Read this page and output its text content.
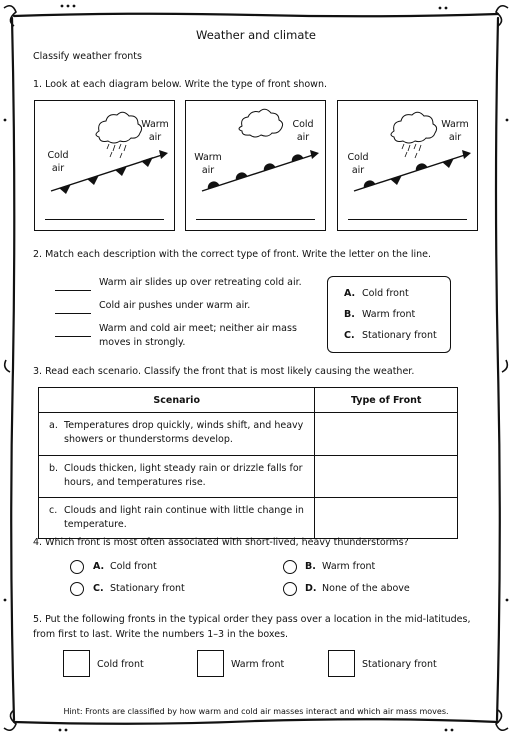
Weather and climate
Classify weather fronts
1. Look at each diagram below. Write the type of front shown.
Cold
air
Warm
air
Warm
air
Cold
air
Cold
air
Warm
air
2. Match each description with the correct type of front. Write the letter on the line.
Warm air slides up over retreating cold air.
Cold air pushes under warm air.
Warm and cold air meet; neither air mass moves in strongly.
A. Cold front
B. Warm front
C. Stationary front
3. Read each scenario. Classify the front that is most likely causing the weather.
Scenario	Type of Front

a. Temperatures drop quickly, winds shift, and heavy showers or thunderstorms develop.	

b. Clouds thicken, light steady rain or drizzle falls for hours, and temperatures rise.	

c. Clouds and light rain continue with little change in temperature.	

4. Which front is most often associated with short-lived, heavy thunderstorms?
A. Cold front	B. Warm front
C. Stationary front	D. None of the above
5. Put the following fronts in the typical order they pass over a location in the mid-latitudes,
from first to last. Write the numbers 1–3 in the boxes.
Cold front	Warm front	Stationary front
Hint: Fronts are classified by how warm and cold air masses interact and which air mass moves.
